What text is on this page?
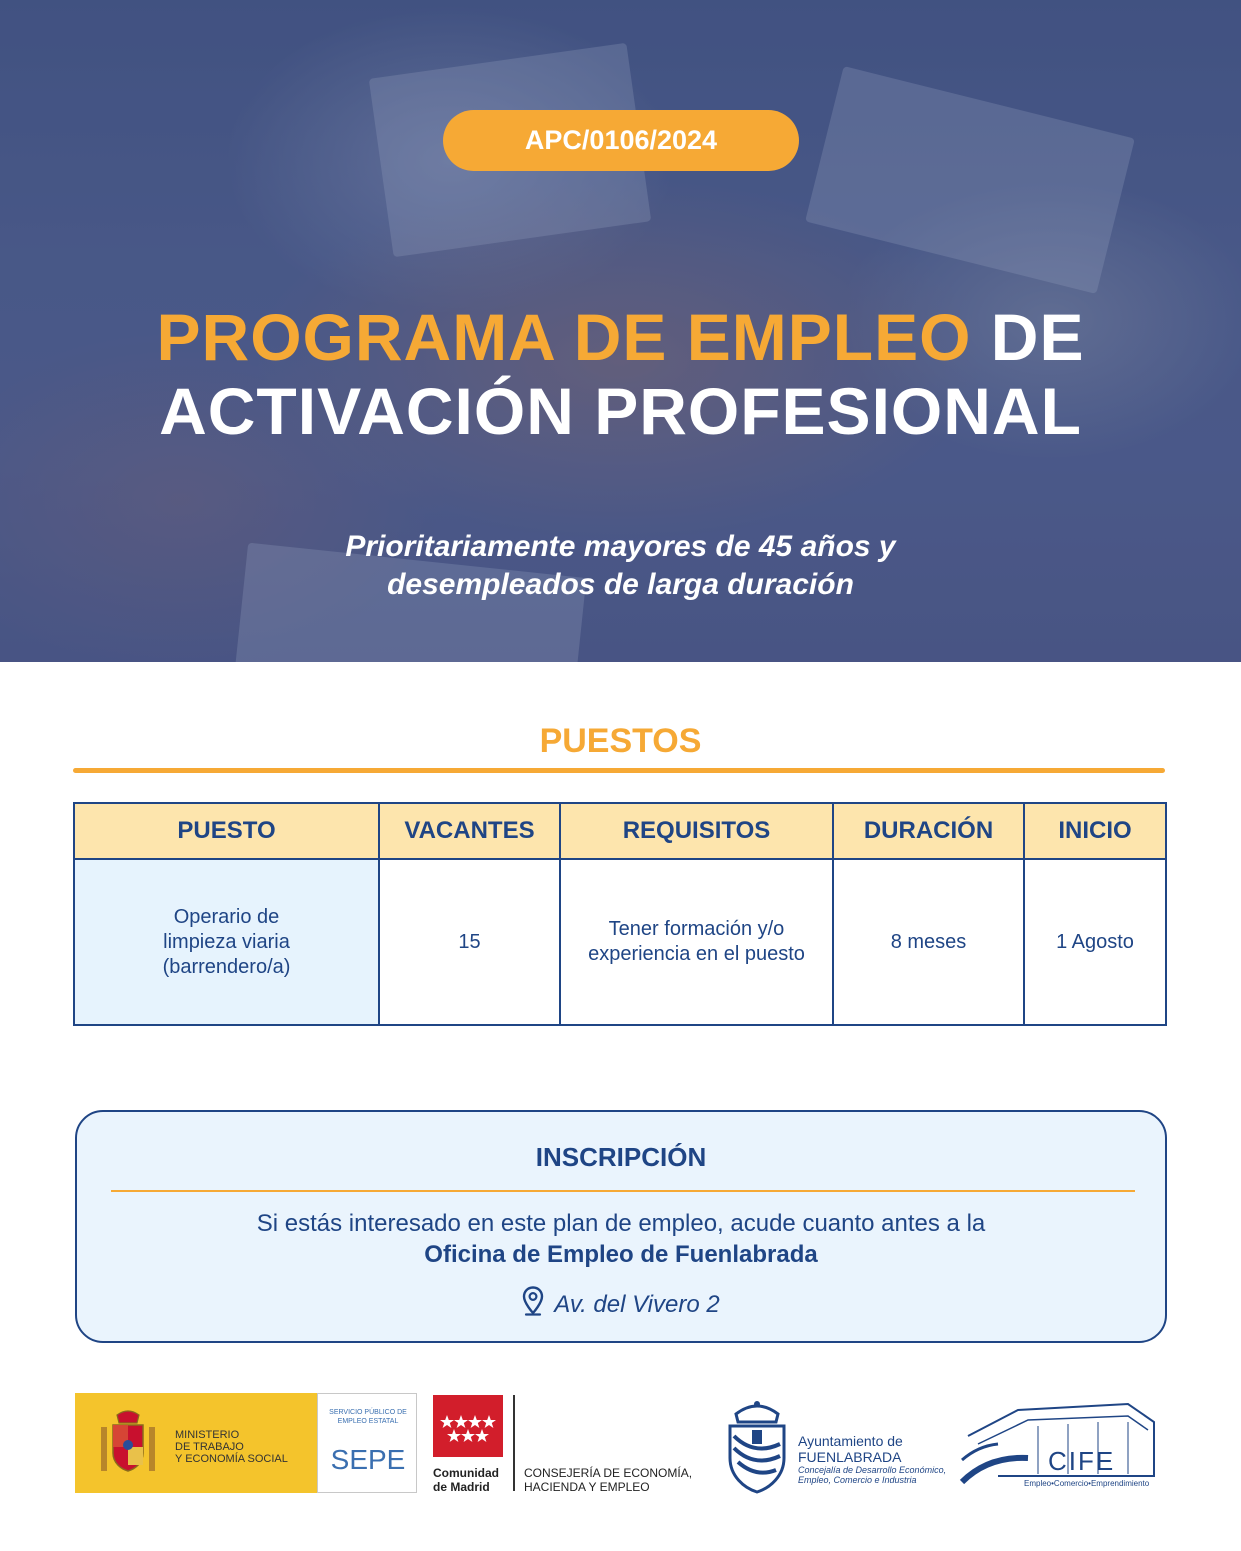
APC/0106/2024
PROGRAMA DE EMPLEO DE
ACTIVACIÓN PROFESIONAL
Prioritariamente mayores de 45 años y
desempleados de larga duración
PUESTOS
PUESTO	VACANTES	REQUISITOS	DURACIÓN	INICIO
Operario de limpieza viaria (barrendero/a)	15	Tener formación y/o experiencia en el puesto	8 meses	1 Agosto
INSCRIPCIÓN
Si estás interesado en este plan de empleo, acude cuanto antes a la
Oficina de Empleo de Fuenlabrada
Av. del Vivero 2
MINISTERIO
DE TRABAJO
Y ECONOMÍA SOCIAL
SERVICIO PÚBLICO DE EMPLEO ESTATAL
SEPE	Comunidad
de Madrid
CONSEJERÍA DE ECONOMÍA,
HACIENDA Y EMPLEO
Ayuntamiento de
FUENLABRADA
Concejalía de Desarrollo Económico,
Empleo, Comercio e Industria
CIFE
Empleo•Comercio•Emprendimiento
